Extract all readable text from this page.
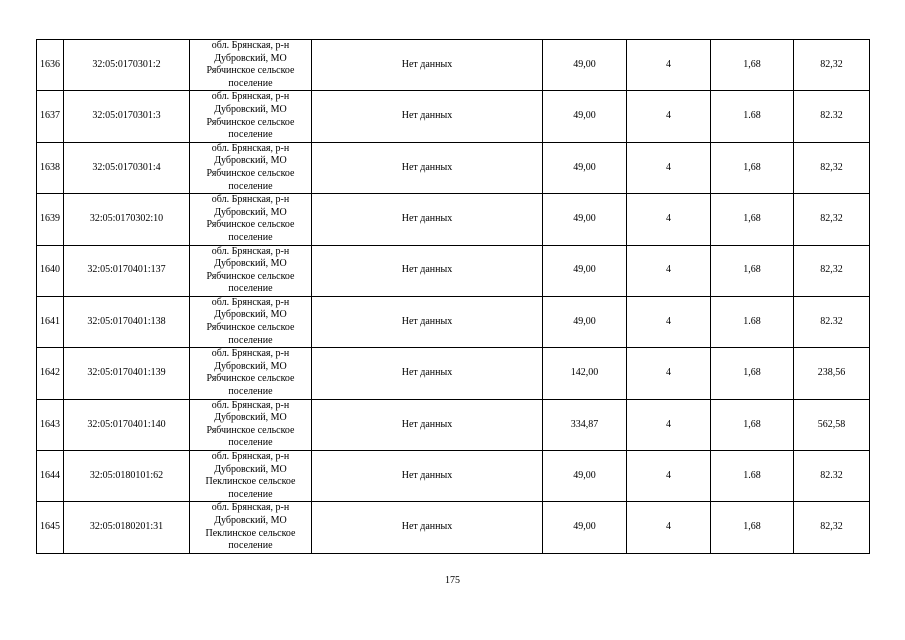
1636	32:05:0170301:2	обл. Брянская, р-н
Дубровский, МО
Рябчинское сельское
поселение	Нет данных	49,00	4	1,68	82,32
1637	32:05:0170301:3	обл. Брянская, р-н
Дубровский, МО
Рябчинское сельское
поселение	Нет данных	49,00	4	1.68	82.32
1638	32:05:0170301:4	обл. Брянская, р-н
Дубровский, МО
Рябчинское сельское
поселение	Нет данных	49,00	4	1,68	82,32
1639	32:05:0170302:10	обл. Брянская, р-н
Дубровский, МО
Рябчинское сельское
поселение	Нет данных	49,00	4	1,68	82,32
1640	32:05:0170401:137	обл. Брянская, р-н
Дубровский, МО
Рябчинское сельское
поселение	Нет данных	49,00	4	1,68	82,32
1641	32:05:0170401:138	обл. Брянская, р-н
Дубровский, МО
Рябчинское сельское
поселение	Нет данных	49,00	4	1.68	82.32
1642	32:05:0170401:139	обл. Брянская, р-н
Дубровский, МО
Рябчинское сельское
поселение	Нет данных	142,00	4	1,68	238,56
1643	32:05:0170401:140	обл. Брянская, р-н
Дубровский, МО
Рябчинское сельское
поселение	Нет данных	334,87	4	1,68	562,58
1644	32:05:0180101:62	обл. Брянская, р-н
Дубровский, МО
Пеклинское сельское
поселение	Нет данных	49,00	4	1.68	82.32
1645	32:05:0180201:31	обл. Брянская, р-н
Дубровский, МО
Пеклинское сельское
поселение	Нет данных	49,00	4	1,68	82,32
175
